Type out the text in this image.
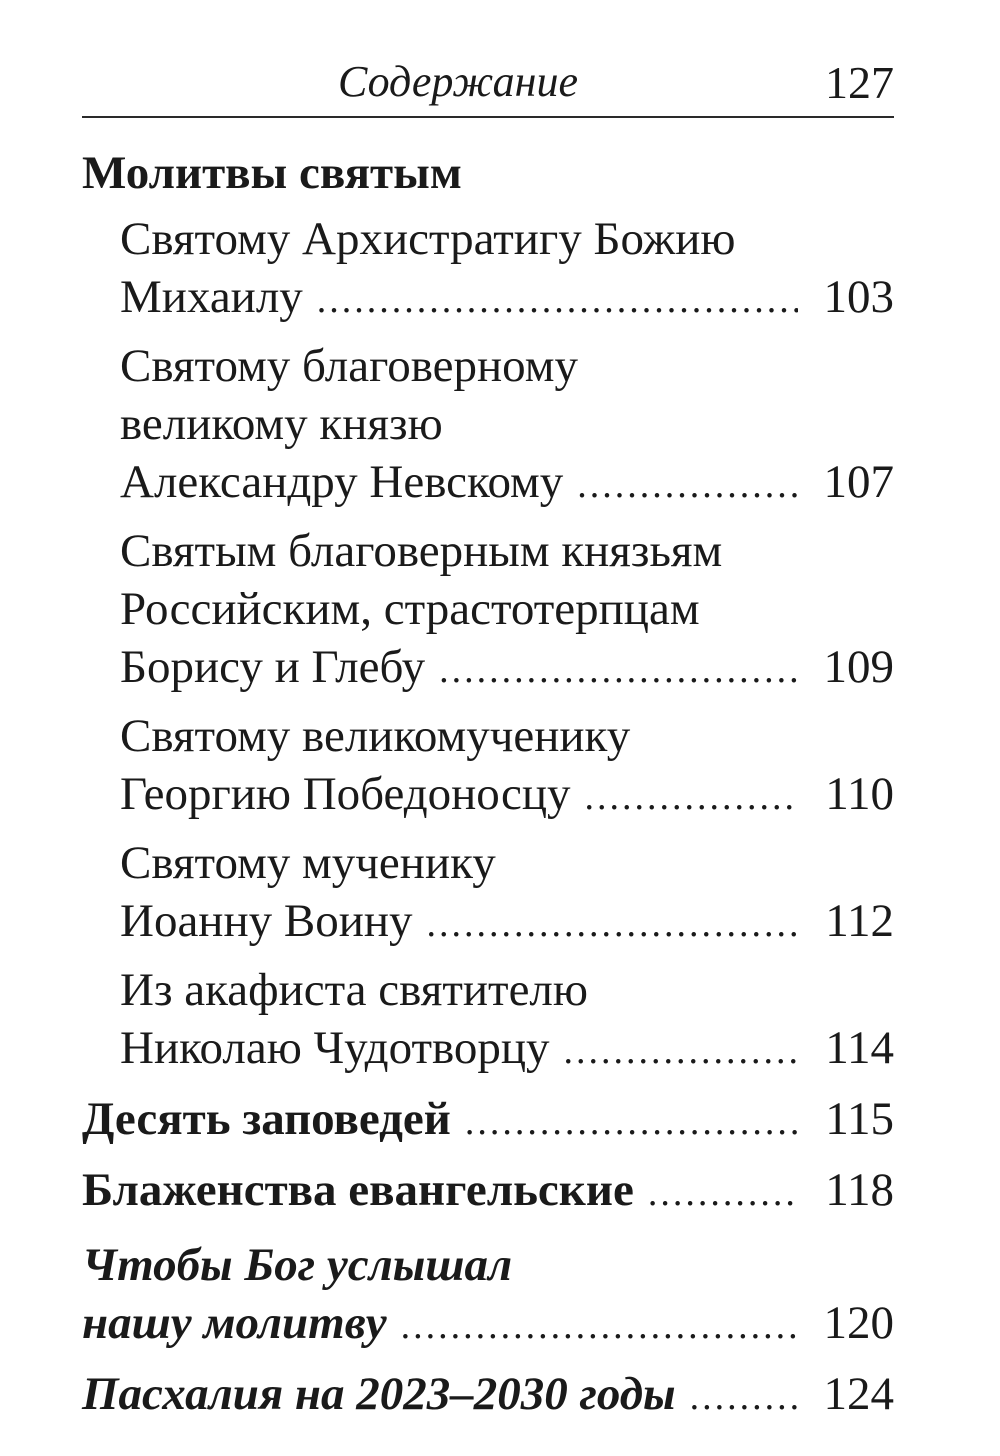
Содержание	127
Молитвы святым
Святому Архистратигу Божию
Михаилу .....	103
Святому благоверному
великому князю
Александру Невскому .....	107
Святым благоверным князьям
Российским, страстотерпцам
Борису и Глебу .....	109
Святому великомученику
Георгию Победоносцу .....	110
Святому мученику
Иоанну Воину .....	112
Из акафиста святителю
Николаю Чудотворцу .....	114
Десять заповедей .....	115
Блаженства евангельские .....	118
Чтобы Бог услышал
нашу молитву .....	120
Пасхалия на 2023–2030 годы .....	124
